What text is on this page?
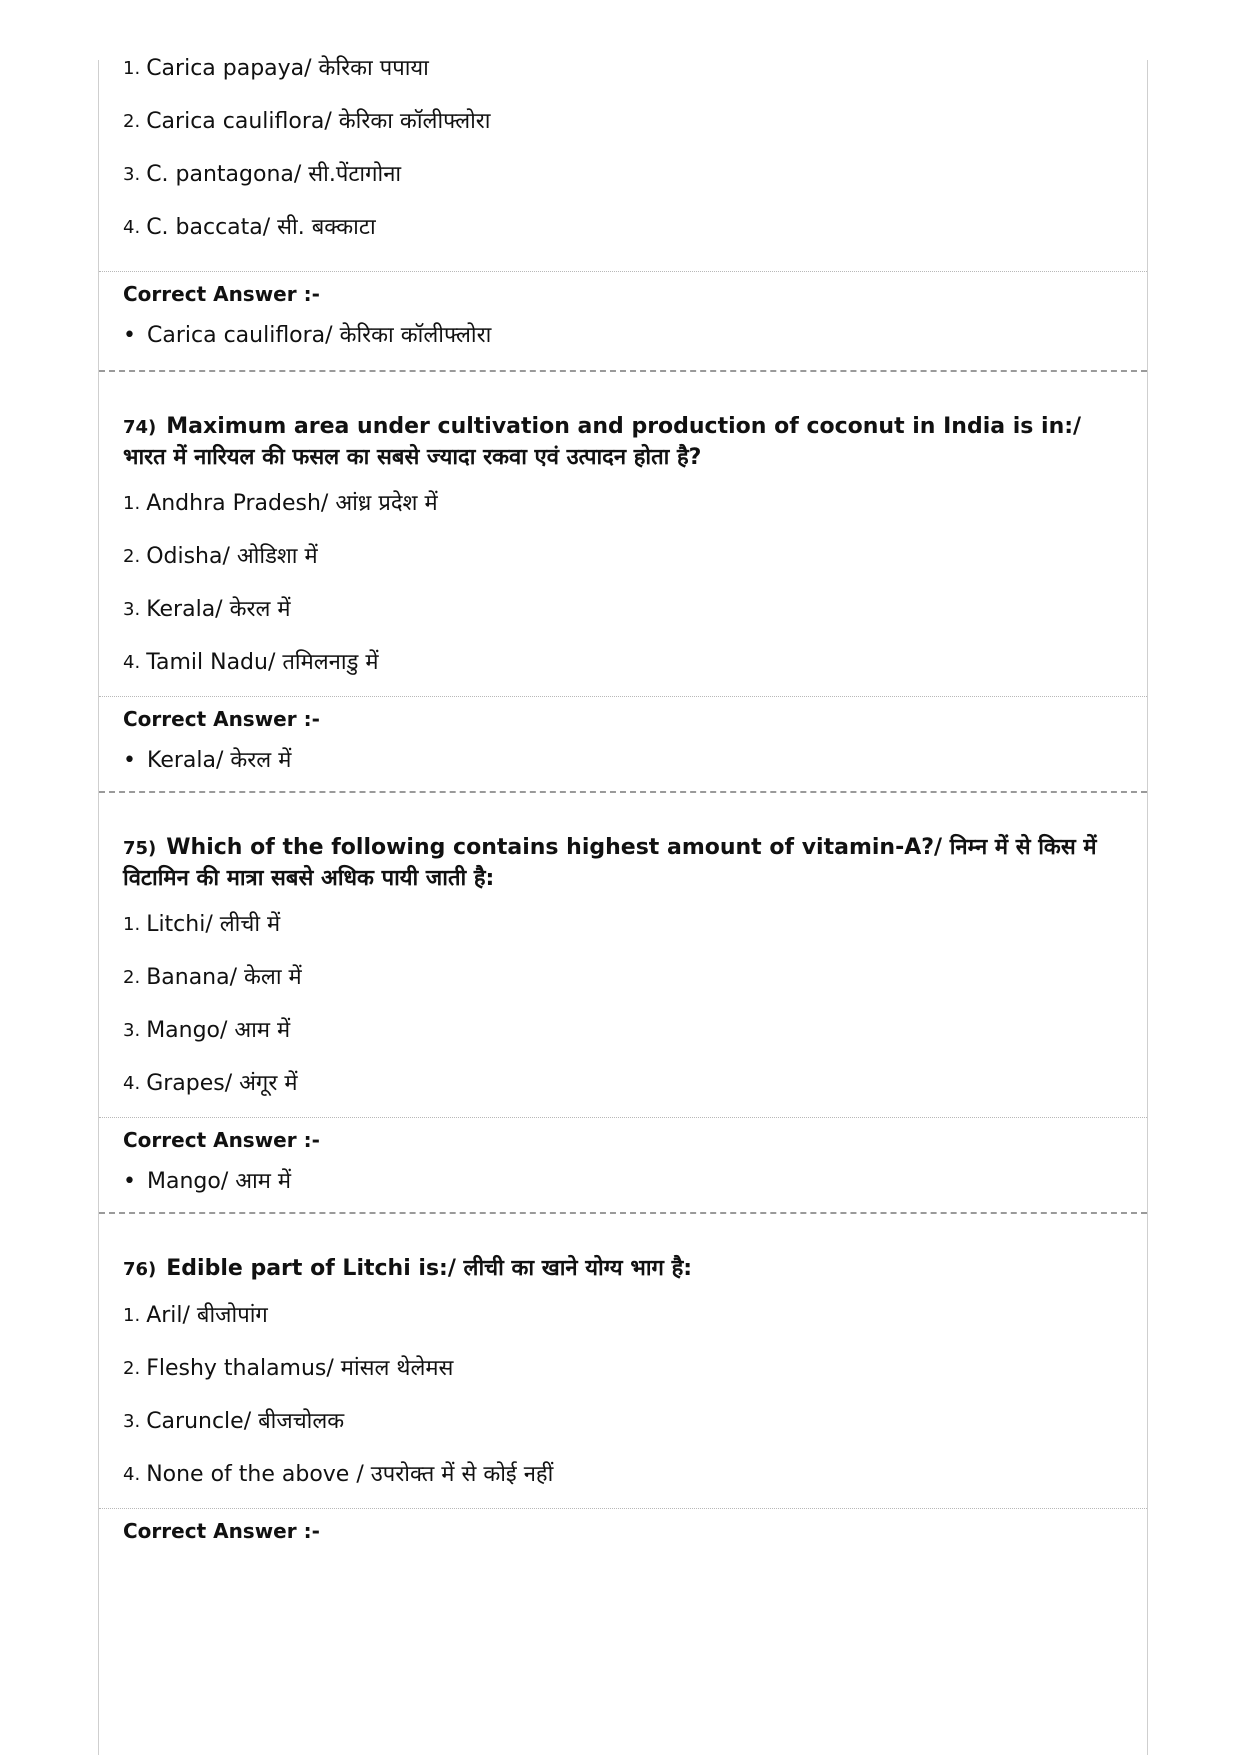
1. Carica papaya/ केरिका पपाया
2. Carica cauliflora/ केरिका कॉलीफ्लोरा
3. C. pantagona/ सी.पेंटागोना
4. C. baccata/ सी. बक्काटा
Correct Answer :-
• Carica cauliflora/ केरिका कॉलीफ्लोरा
74) Maximum area under cultivation and production of coconut in India is in:/ भारत में नारियल की फसल का सबसे ज्यादा रकवा एवं उत्पादन होता है?
1. Andhra Pradesh/ आंध्र प्रदेश में
2. Odisha/ ओडिशा में
3. Kerala/ केरल में
4. Tamil Nadu/ तमिलनाडु में
Correct Answer :-
• Kerala/ केरल में
75) Which of the following contains highest amount of vitamin-A?/ निम्न में से किस में विटामिन की मात्रा सबसे अधिक पायी जाती है:
1. Litchi/ लीची में
2. Banana/ केला में
3. Mango/ आम में
4. Grapes/ अंगूर में
Correct Answer :-
• Mango/ आम में
76) Edible part of Litchi is:/ लीची का खाने योग्य भाग है:
1. Aril/ बीजोपांग
2. Fleshy thalamus/ मांसल थेलेमस
3. Caruncle/ बीजचोलक
4. None of the above / उपरोक्त में से कोई नहीं
Correct Answer :-
